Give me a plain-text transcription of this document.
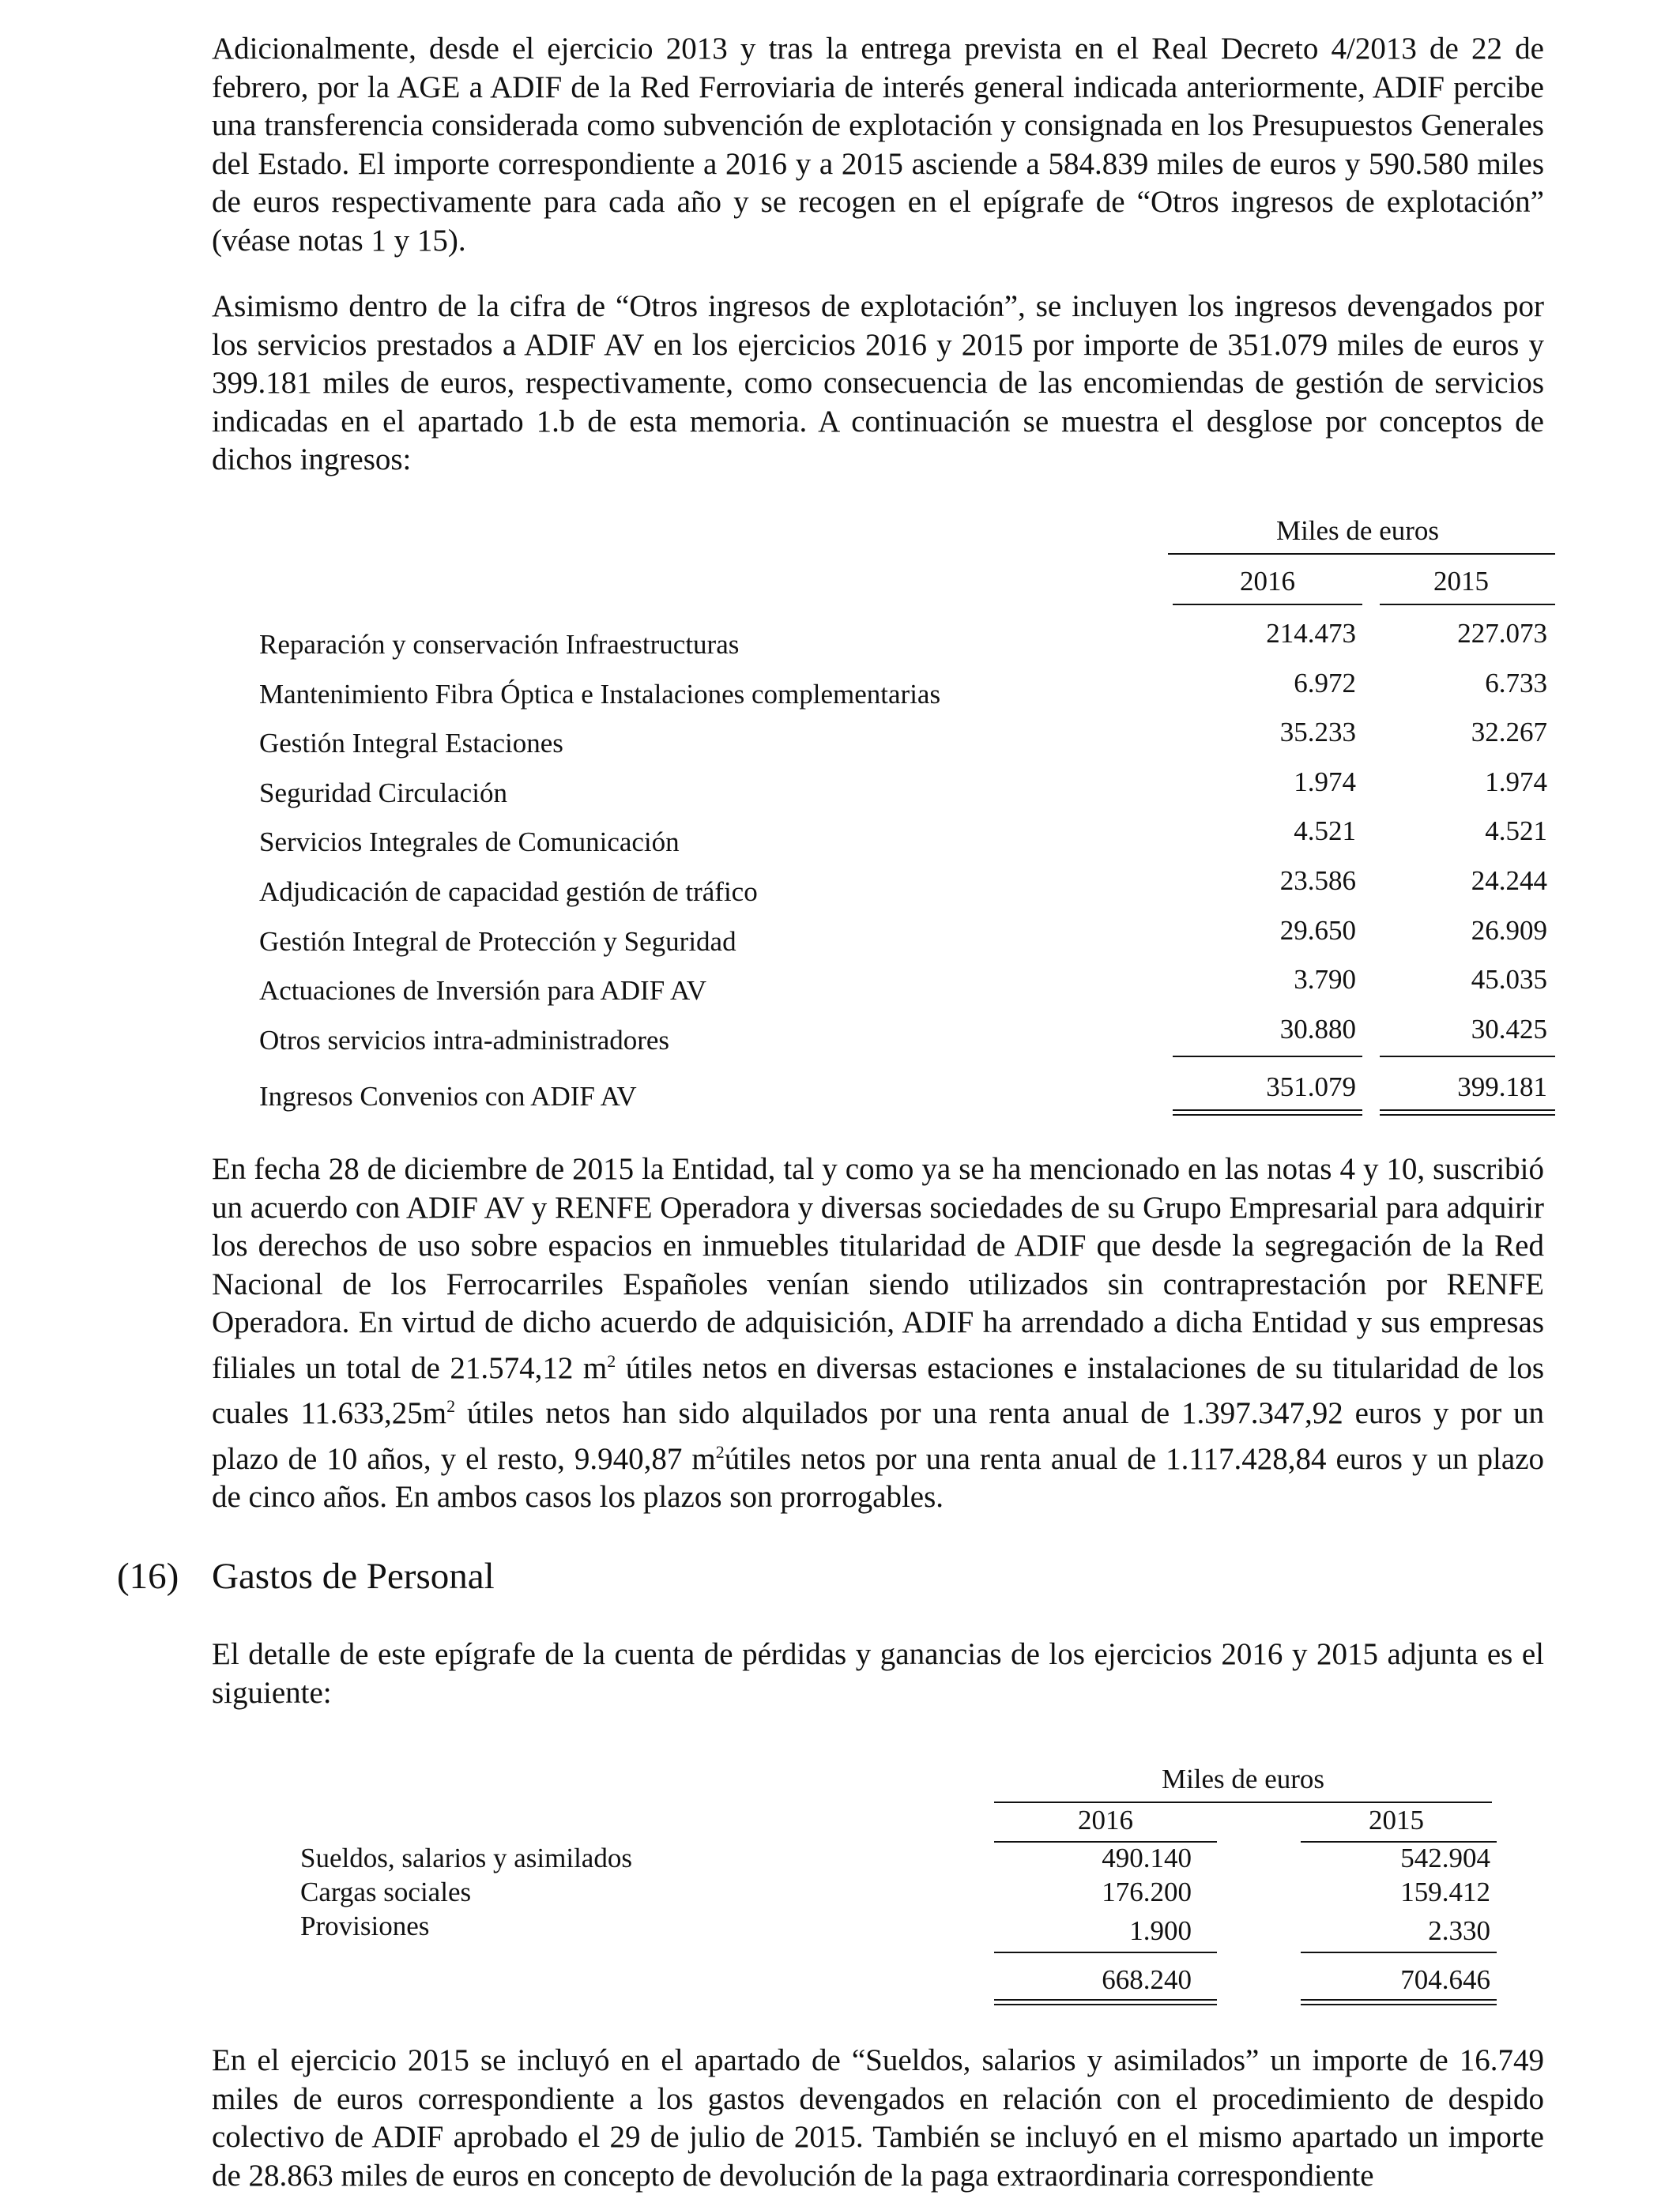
Adicionalmente, desde el ejercicio 2013 y tras la entrega prevista en el Real Decreto 4/2013 de 22 de febrero, por la AGE a ADIF de la Red Ferroviaria de interés general indicada anteriormente, ADIF percibe una transferencia considerada como subvención de explotación y consignada en los Presupuestos Generales del Estado. El importe correspondiente a 2016 y a 2015 asciende a 584.839 miles de euros y 590.580 miles de euros respectivamente para cada año y se recogen en el epígrafe de “Otros ingresos de explotación” (véase notas 1 y 15).

Asimismo dentro de la cifra de “Otros ingresos de explotación”, se incluyen los ingresos devengados por los servicios prestados a ADIF AV en los ejercicios 2016 y 2015 por importe de 351.079 miles de euros y 399.181 miles de euros, respectivamente, como consecuencia de las encomiendas de gestión de servicios indicadas en el apartado 1.b de esta memoria. A continuación se muestra el desglose por conceptos de dichos ingresos:

Miles de euros
2016	2015
Reparación y conservación Infraestructuras	214.473	227.073
Mantenimiento Fibra Óptica e Instalaciones complementarias	6.972	6.733
Gestión Integral Estaciones	35.233	32.267
Seguridad Circulación	1.974	1.974
Servicios Integrales de Comunicación	4.521	4.521
Adjudicación de capacidad gestión de tráfico	23.586	24.244
Gestión Integral de Protección y Seguridad	29.650	26.909
Actuaciones de Inversión para ADIF AV	3.790	45.035
Otros servicios intra-administradores	30.880	30.425
Ingresos Convenios con ADIF AV	351.079	399.181

En fecha 28 de diciembre de 2015 la Entidad, tal y como ya se ha mencionado en las notas 4 y 10, suscribió un acuerdo con ADIF AV y RENFE Operadora y diversas sociedades de su Grupo Empresarial para adquirir los derechos de uso sobre espacios en inmuebles titularidad de ADIF que desde la segregación de la Red Nacional de los Ferrocarriles Españoles venían siendo utilizados sin contraprestación por RENFE Operadora. En virtud de dicho acuerdo de adquisición, ADIF ha arrendado a dicha Entidad y sus empresas filiales un total de 21.574,12 $m^2$ útiles netos en diversas estaciones e instalaciones de su titularidad de los cuales $11.633,25m^2$ útiles netos han sido alquilados por una renta anual de 1.397.347,92 euros y por un plazo de 10 años, y el resto, 9.940,87 $m^2útiles$ netos por una renta anual de 1.117.428,84 euros y un plazo de cinco años. En ambos casos los plazos son prorrogables.

(16) Gastos de Personal

El detalle de este epígrafe de la cuenta de pérdidas y ganancias de los ejercicios 2016 y 2015 adjunta es el siguiente:

Miles de euros
2016	2015
Sueldos, salarios y asimilados	490.140	542.904
Cargas sociales	176.200	159.412
Provisiones	1.900	2.330
668.240	704.646

En el ejercicio 2015 se incluyó en el apartado de “Sueldos, salarios y asimilados” un importe de 16.749 miles de euros correspondiente a los gastos devengados en relación con el procedimiento de despido colectivo de ADIF aprobado el 29 de julio de 2015. También se incluyó en el mismo apartado un importe de 28.863 miles de euros en concepto de devolución de la paga extraordinaria correspondiente
